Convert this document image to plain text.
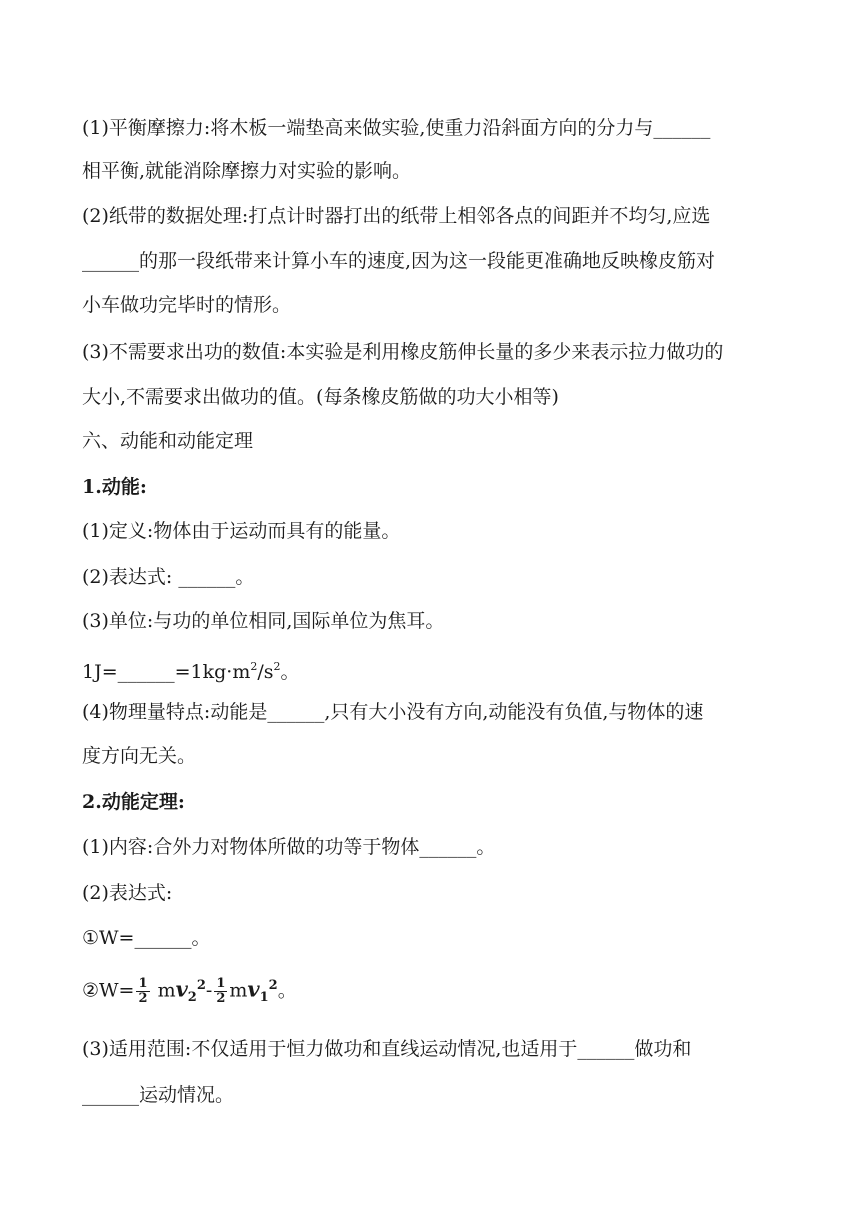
(1)平衡摩擦力:将木板一端垫高来做实验,使重力沿斜面方向的分力与______
相平衡,就能消除摩擦力对实验的影响。
(2)纸带的数据处理:打点计时器打出的纸带上相邻各点的间距并不均匀,应选
______的那一段纸带来计算小车的速度,因为这一段能更准确地反映橡皮筋对
小车做功完毕时的情形。
(3)不需要求出功的数值:本实验是利用橡皮筋伸长量的多少来表示拉力做功的
大小,不需要求出做功的值。(每条橡皮筋做的功大小相等)
六、动能和动能定理
1.动能:
(1)定义:物体由于运动而具有的能量。
(2)表达式: ______。
(3)单位:与功的单位相同,国际单位为焦耳。
$1J=\_\_\_\_\_\_=1kg\cdot m^2/s^2$。
(4)物理量特点:动能是______,只有大小没有方向,动能没有负值,与物体的速
度方向无关。
2.动能定理:
(1)内容:合外力对物体所做的功等于物体______。
(2)表达式:
①W=______。
②W= $\frac{1}{2} mv_2^2- \frac{1}{2} mv_1^2$。
(3)适用范围:不仅适用于恒力做功和直线运动情况,也适用于______做功和
______运动情况。
